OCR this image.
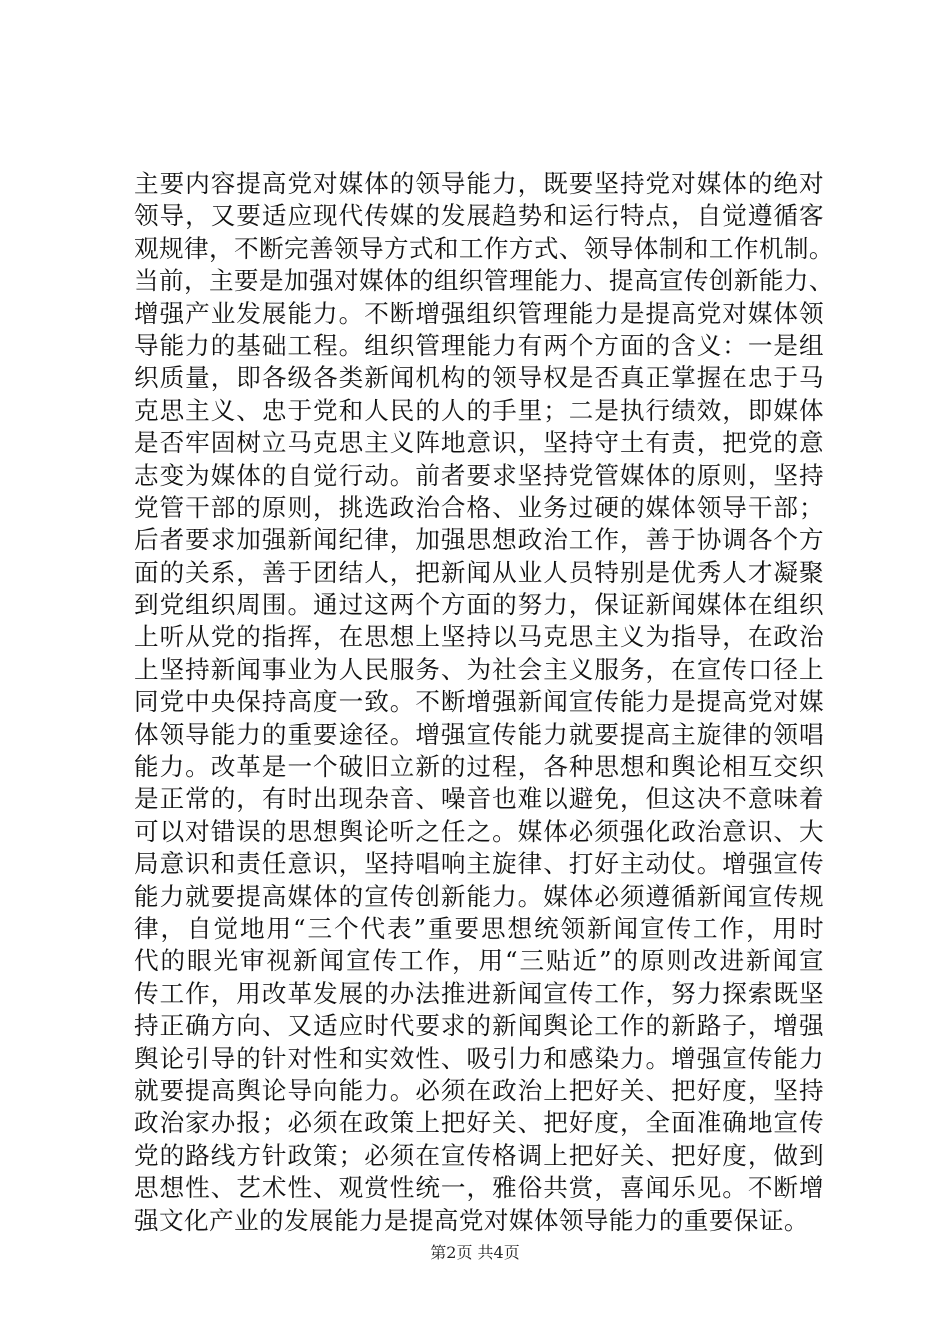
主要内容提高党对媒体的领导能力，既要坚持党对媒体的绝对
领导，又要适应现代传媒的发展趋势和运行特点，自觉遵循客
观规律，不断完善领导方式和工作方式、领导体制和工作机制。
当前，主要是加强对媒体的组织管理能力、提高宣传创新能力、
增强产业发展能力。不断增强组织管理能力是提高党对媒体领
导能力的基础工程。组织管理能力有两个方面的含义：一是组
织质量，即各级各类新闻机构的领导权是否真正掌握在忠于马
克思主义、忠于党和人民的人的手里；二是执行绩效，即媒体
是否牢固树立马克思主义阵地意识，坚持守土有责，把党的意
志变为媒体的自觉行动。前者要求坚持党管媒体的原则，坚持
党管干部的原则，挑选政治合格、业务过硬的媒体领导干部；
后者要求加强新闻纪律，加强思想政治工作，善于协调各个方
面的关系，善于团结人，把新闻从业人员特别是优秀人才凝聚
到党组织周围。通过这两个方面的努力，保证新闻媒体在组织
上听从党的指挥，在思想上坚持以马克思主义为指导，在政治
上坚持新闻事业为人民服务、为社会主义服务，在宣传口径上
同党中央保持高度一致。不断增强新闻宣传能力是提高党对媒
体领导能力的重要途径。增强宣传能力就要提高主旋律的领唱
能力。改革是一个破旧立新的过程，各种思想和舆论相互交织
是正常的，有时出现杂音、噪音也难以避免，但这决不意味着
可以对错误的思想舆论听之任之。媒体必须强化政治意识、大
局意识和责任意识，坚持唱响主旋律、打好主动仗。增强宣传
能力就要提高媒体的宣传创新能力。媒体必须遵循新闻宣传规
律，自觉地用“三个代表”重要思想统领新闻宣传工作，用时
代的眼光审视新闻宣传工作，用“三贴近”的原则改进新闻宣
传工作，用改革发展的办法推进新闻宣传工作，努力探索既坚
持正确方向、又适应时代要求的新闻舆论工作的新路子，增强
舆论引导的针对性和实效性、吸引力和感染力。增强宣传能力
就要提高舆论导向能力。必须在政治上把好关、把好度，坚持
政治家办报；必须在政策上把好关、把好度，全面准确地宣传
党的路线方针政策；必须在宣传格调上把好关、把好度，做到
思想性、艺术性、观赏性统一，雅俗共赏，喜闻乐见。不断增
强文化产业的发展能力是提高党对媒体领导能力的重要保证。
第2页 共4页
